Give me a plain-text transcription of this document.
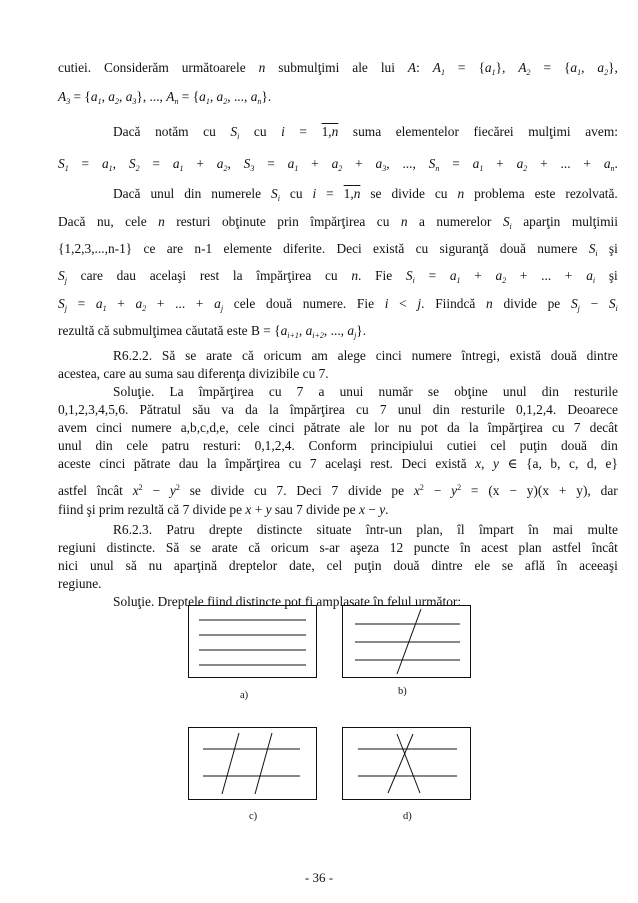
cutiei. Considerăm următoarele n submulţimi ale lui A: $A_1 = \{a_1\}$, $A_2 = \{a_1$, $a_2$},
$A_3 = \{a_1$, $a_2$, $a_3$}, ..., $A_n = \{a_1$, $a_2$, ..., $a_n$}.
Dacă notăm cu $S_i$ cu i = 1,n suma elementelor fiecărei mulţimi avem:
$S_1 = a_1$, $S_2 = a_1 + a_2$, $S_3 = a_1 + a_2 + a_3$, ..., $S_n = a_1 + a_2$ + ... + $a_n$.
Dacă unul din numerele $S_i$ cu i = 1,n se divide cu n problema este rezolvată.
Dacă nu, cele n resturi obţinute prin împărţirea cu n a numerelor $S_i$ aparţin mulţimii
{1,2,3,...,n-1} ce are n-1 elemente diferite. Deci există cu siguranţă două numere $S_i$ şi
$S_j$ care dau acelaşi rest la împărţirea cu n. Fie $S_i = a_1 + a_2$ + ... + $a_i$ şi
$S_j = a_1 + a_2$ + ... + $a_j$ cele două numere. Fie i < j. Fiindcă n divide pe $S_j - S_i$
rezultă că submulţimea căutată este $B = \{a_{i+1}$, $a_{i+2}$, ..., $a_j$}.
R6.2.2. Să se arate că oricum am alege cinci numere întregi, există două dintre
acestea, care au suma sau diferenţa divizibile cu 7.
Soluţie. La împărţirea cu 7 a unui număr se obţine unul din resturile
0,1,2,3,4,5,6. Pătratul său va da la împărţirea cu 7 unul din resturile 0,1,2,4. Deoarece
avem cinci numere a,b,c,d,e, cele cinci pătrate ale lor nu pot da la împărţirea cu 7 decât
unul din cele patru resturi: 0,1,2,4. Conform principiului cutiei cel puţin două din
aceste cinci pătrate dau la împărţirea cu 7 acelaşi rest. Deci există x, y ∈ {a, b, c, d, e}
astfel încât $x^2 - y^2$ se divide cu 7. Deci 7 divide pe $x^2 - y^2 = (x - y)(x + y)$, dar
fiind şi prim rezultă că 7 divide pe x + y sau 7 divide pe x − y.
R6.2.3. Patru drepte distincte situate într-un plan, îl împart în mai multe
regiuni distincte. Să se arate că oricum s-ar aşeza 12 puncte în acest plan astfel încât
nici unul să nu aparţină dreptelor date, cel puţin două dintre ele se află în aceeaşi
regiune.
Soluţie. Dreptele fiind distincte pot fi amplasate în felul următor:
a)	b)
c)	d)
- 36 -
